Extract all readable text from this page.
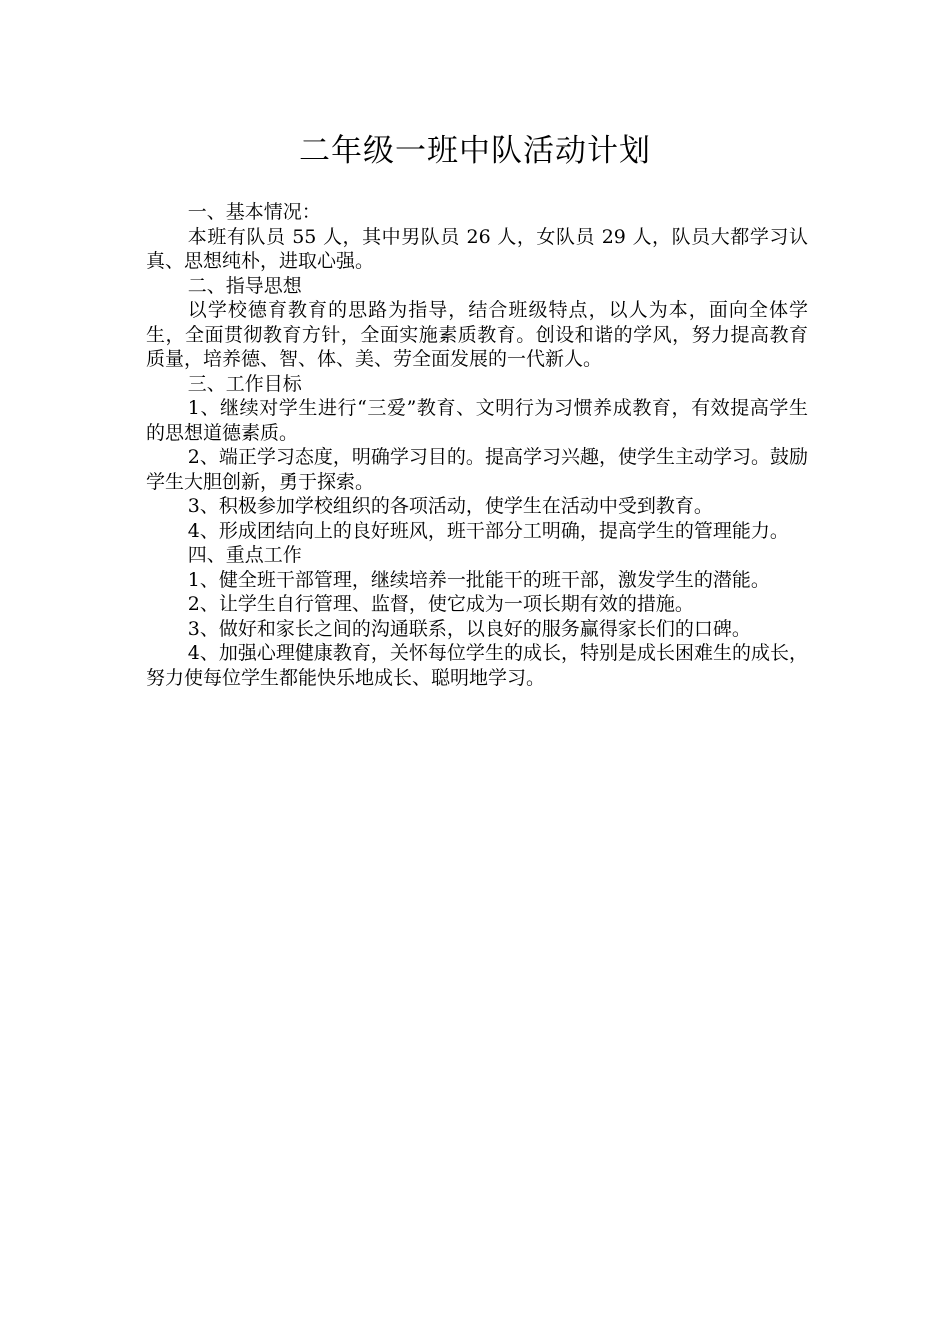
二年级一班中队活动计划

一、基本情况：

本班有队员 55 人，其中男队员 26 人，女队员 29 人，队员大都学习认真、思想纯朴，进取心强。

二、指导思想

以学校德育教育的思路为指导，结合班级特点，以人为本，面向全体学生，全面贯彻教育方针，全面实施素质教育。创设和谐的学风，努力提高教育质量，培养德、智、体、美、劳全面发展的一代新人。

三、工作目标

1、继续对学生进行“三爱”教育、文明行为习惯养成教育，有效提高学生的思想道德素质。

2、端正学习态度，明确学习目的。提高学习兴趣，使学生主动学习。鼓励学生大胆创新，勇于探索。

3、积极参加学校组织的各项活动，使学生在活动中受到教育。

4、形成团结向上的良好班风，班干部分工明确，提高学生的管理能力。

四、重点工作

1、健全班干部管理，继续培养一批能干的班干部，激发学生的潜能。

2、让学生自行管理、监督，使它成为一项长期有效的措施。

3、做好和家长之间的沟通联系，以良好的服务赢得家长们的口碑。

4、加强心理健康教育，关怀每位学生的成长，特别是成长困难生的成长，努力使每位学生都能快乐地成长、聪明地学习。
